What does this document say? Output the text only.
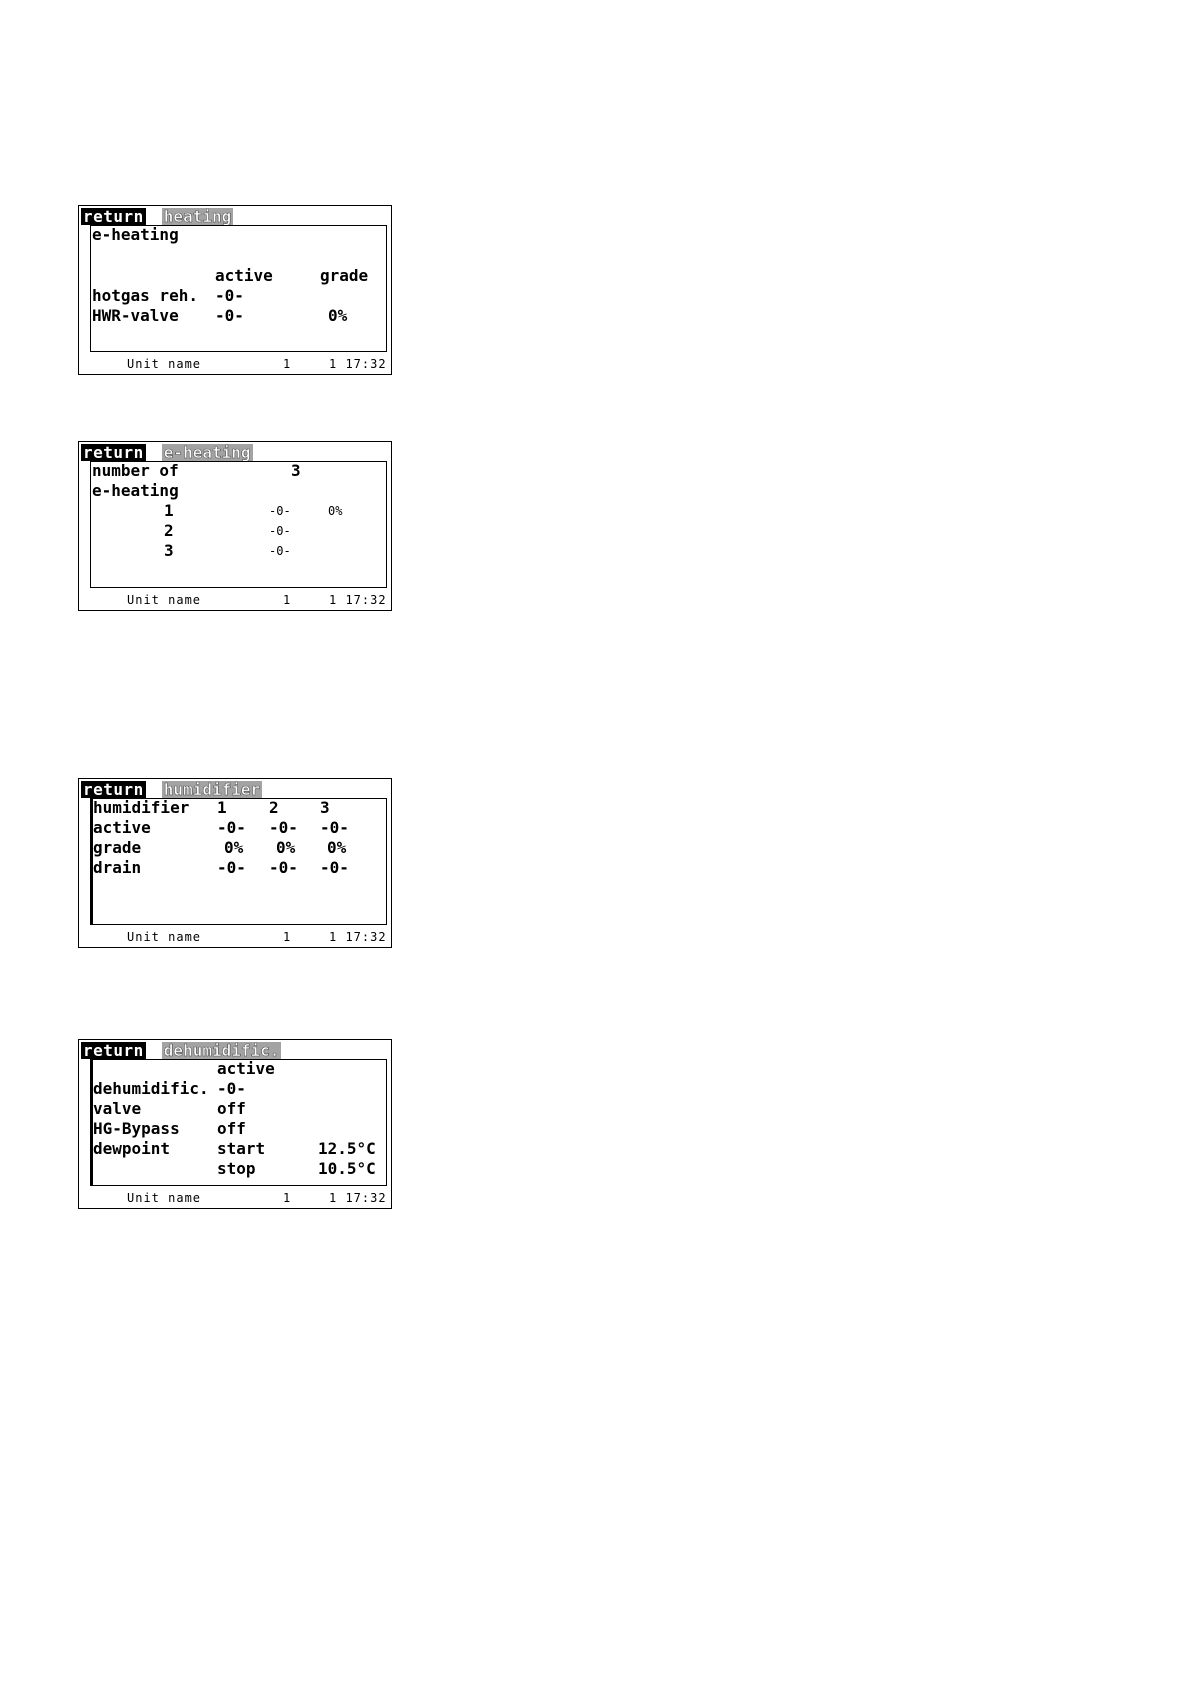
return heating
e-heating
active	grade
hotgas reh. -0-
HWR-valve -0-	0%
Unit name	1	1 17:32
return e-heating
number of	3
e-heating
1	-0-	0%
2	-0-
3	-0-
Unit name	1	1 17:32
return humidifier
humidifier 1	2	3
active	-0- -0- -0-
grade	0% 0% 0%
drain	-0- -0- -0-
Unit name	1	1 17:32
return dehumidific.
active
dehumidific. -0-
valve	off
HG-Bypass off
dewpoint	start	12.5°C
stop	10.5°C
Unit name	1	1 17:32
